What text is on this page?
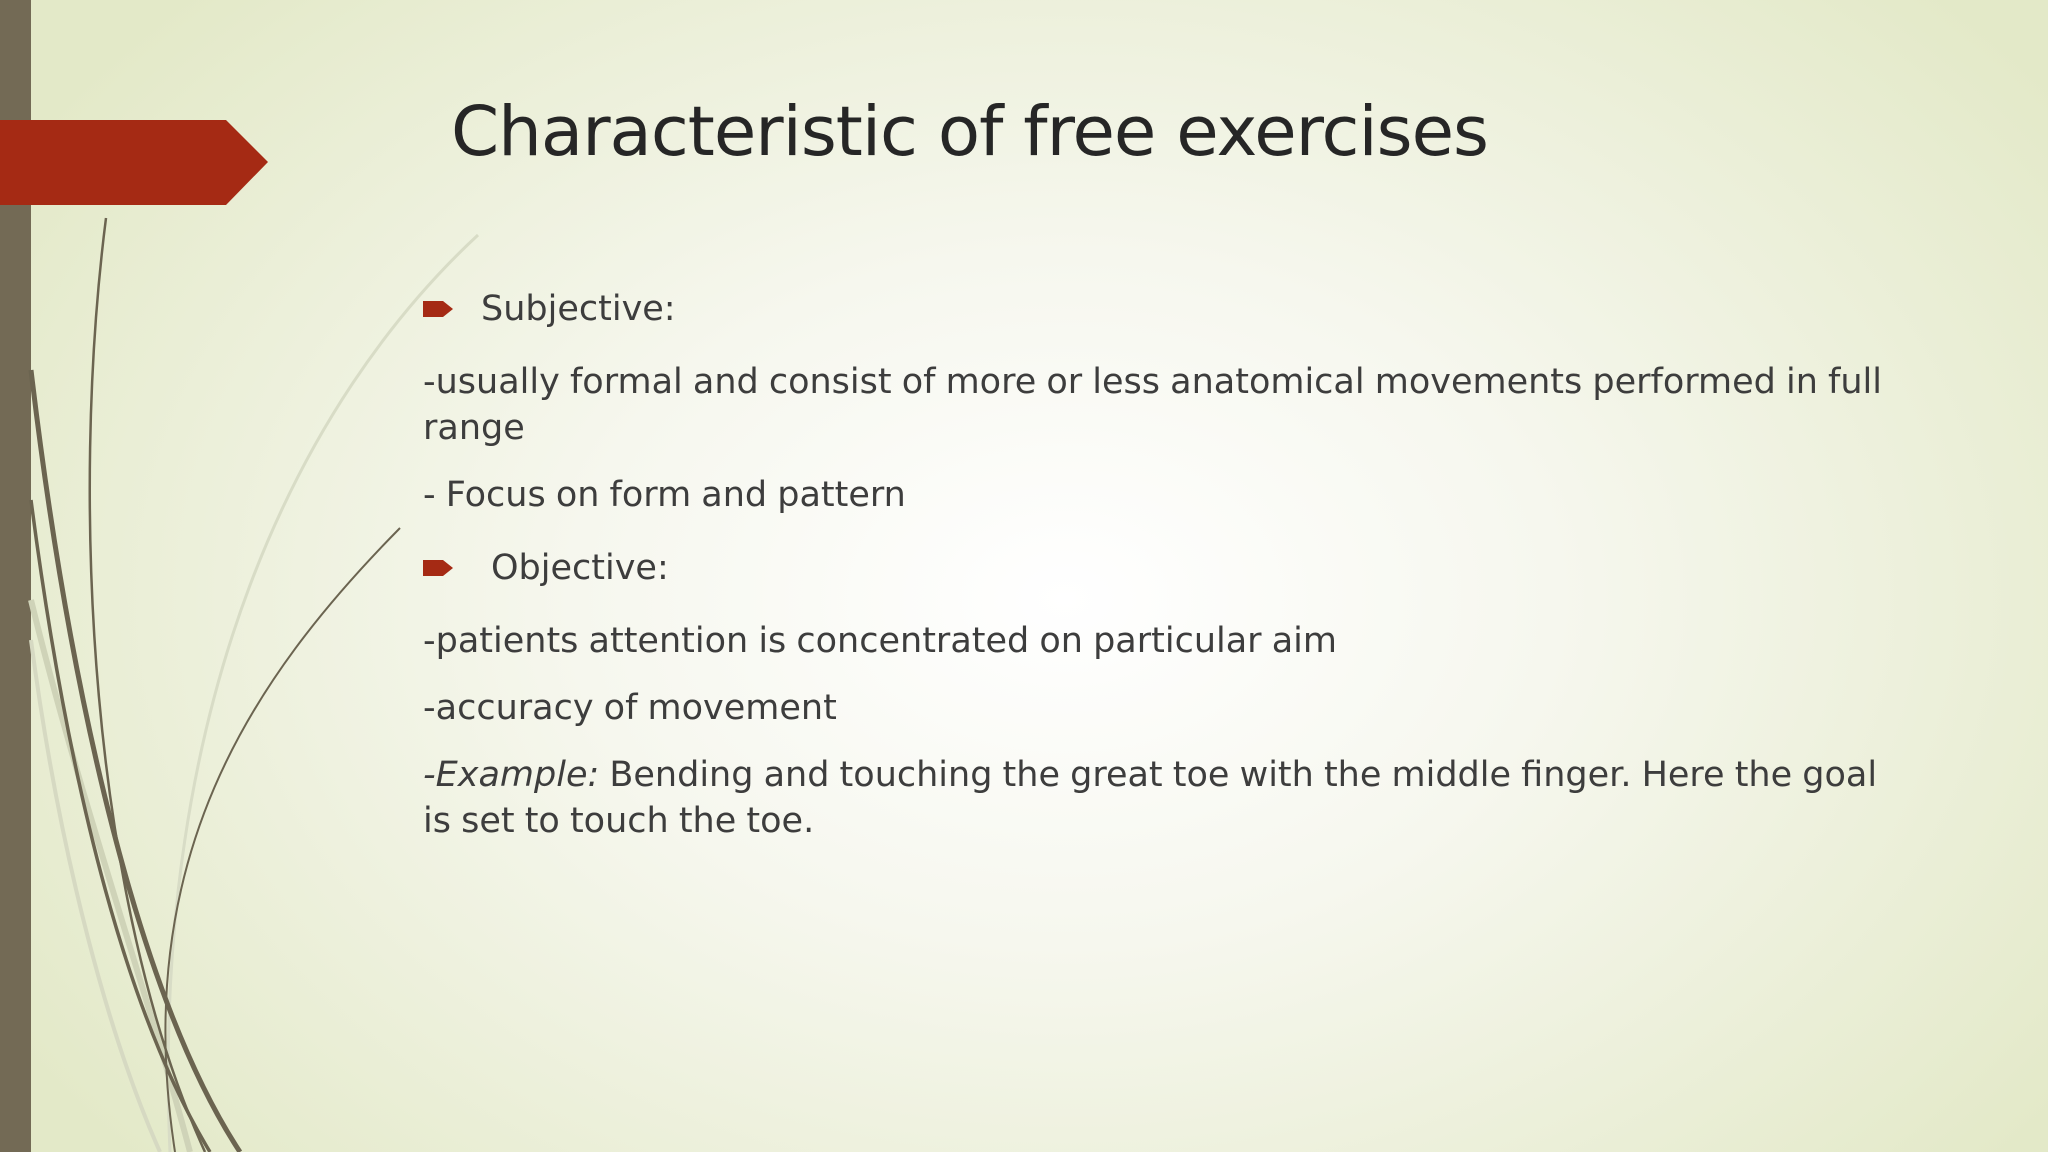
Characteristic of free exercises
Subjective:

-usually formal and consist of more or less anatomical movements performed in full range

- Focus on form and pattern

Objective:

-patients attention is concentrated on particular aim

-accuracy of movement

-Example: Bending and touching the great toe with the middle finger. Here the goal is set to touch the toe.
